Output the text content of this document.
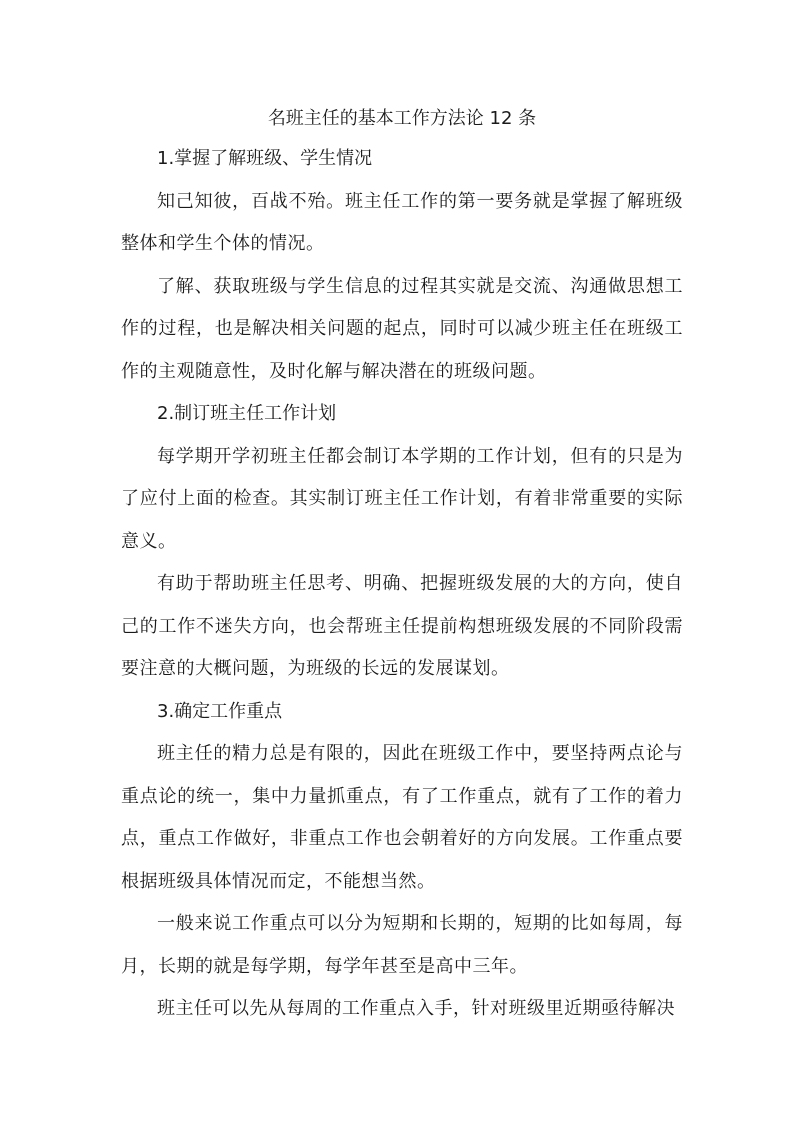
名班主任的基本工作方法论 12 条

1.掌握了解班级、学生情况

知己知彼，百战不殆。班主任工作的第一要务就是掌握了解班级整体和学生个体的情况。

了解、获取班级与学生信息的过程其实就是交流、沟通做思想工作的过程，也是解决相关问题的起点，同时可以减少班主任在班级工作的主观随意性，及时化解与解决潜在的班级问题。

2.制订班主任工作计划

每学期开学初班主任都会制订本学期的工作计划，但有的只是为了应付上面的检查。其实制订班主任工作计划，有着非常重要的实际意义。

有助于帮助班主任思考、明确、把握班级发展的大的方向，使自己的工作不迷失方向，也会帮班主任提前构想班级发展的不同阶段需要注意的大概问题，为班级的长远的发展谋划。

3.确定工作重点

班主任的精力总是有限的，因此在班级工作中，要坚持两点论与重点论的统一，集中力量抓重点，有了工作重点，就有了工作的着力点，重点工作做好，非重点工作也会朝着好的方向发展。工作重点要根据班级具体情况而定，不能想当然。

一般来说工作重点可以分为短期和长期的，短期的比如每周，每月，长期的就是每学期，每学年甚至是高中三年。

班主任可以先从每周的工作重点入手，针对班级里近期亟待解决
